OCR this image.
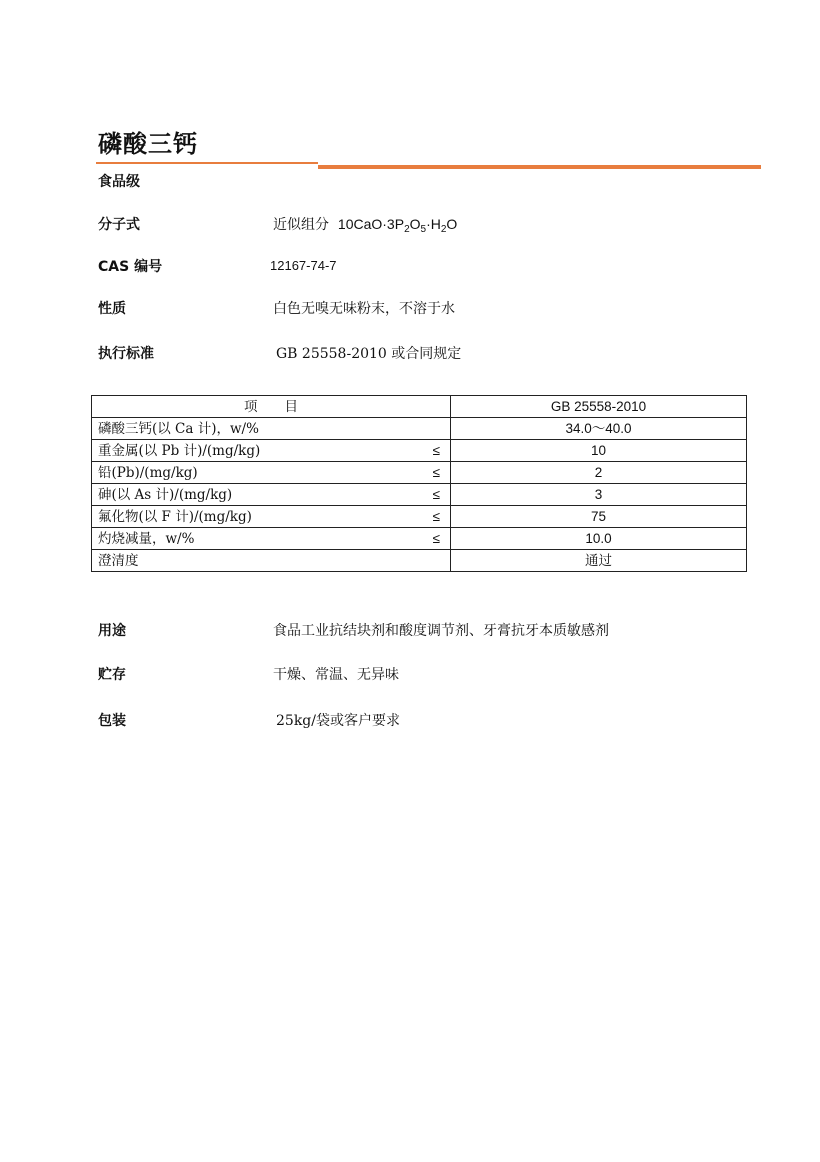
磷酸三钙
食品级
分子式	近似组分 $10CaO\cdot 3P_2O_5\cdot H_2O$
CAS 编号	12167-74-7
性质	白色无嗅无味粉末，不溶于水
执行标准	GB 25558-2010 或合同规定
项　　目	GB 25558-2010

磷酸三钙(以 Ca 计)，w/%	34.0～40.0

重金属(以 Pb 计)/(mg/kg) ≤	10

铅(Pb)/(mg/kg) ≤	2

砷(以 As 计)/(mg/kg) ≤	3

氟化物(以 F 计)/(mg/kg) ≤	75

灼烧减量，w/% ≤	10.0

澄清度	通过
用途	食品工业抗结块剂和酸度调节剂、牙膏抗牙本质敏感剂
贮存	干燥、常温、无异味
包装	25kg/袋或客户要求
